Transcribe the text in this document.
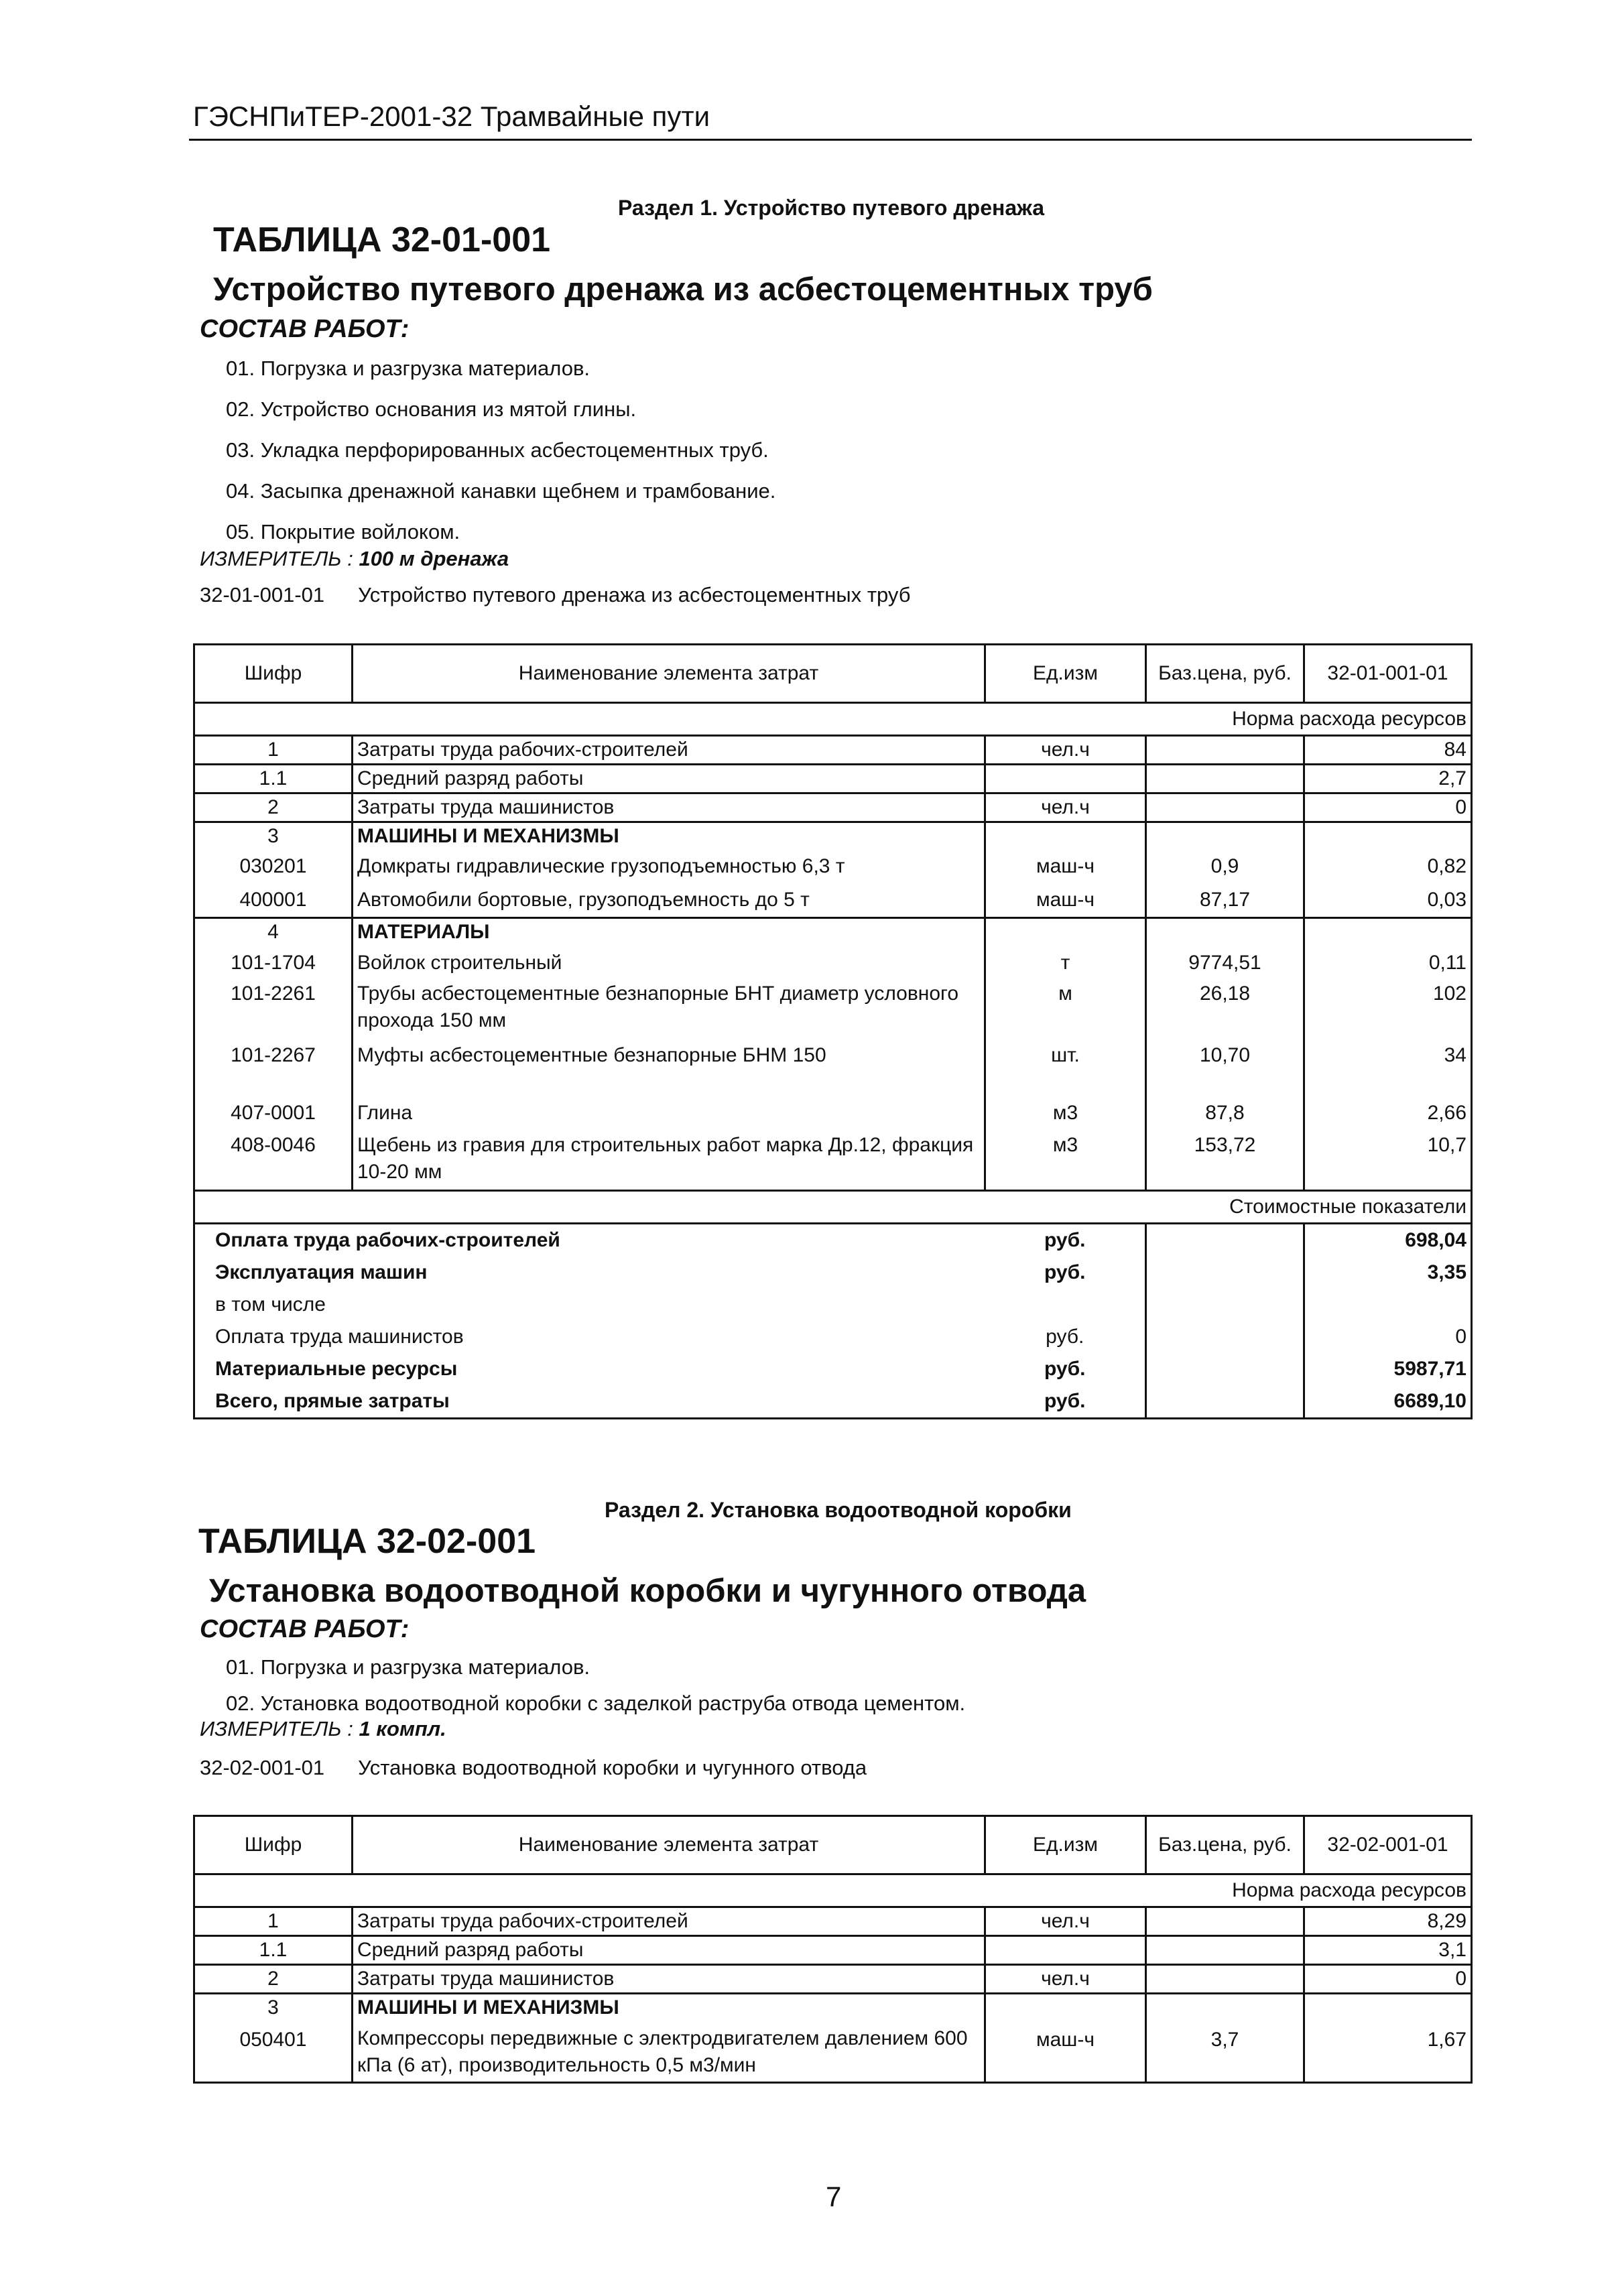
ГЭСНПиТЕР-2001-32 Трамвайные пути
Раздел 1. Устройство путевого дренажа
ТАБЛИЦА 32-01-001
Устройство путевого дренажа из асбестоцементных труб
СОСТАВ РАБОТ:
01. Погрузка и разгрузка материалов.
02. Устройство основания из мятой глины.
03. Укладка перфорированных асбестоцементных труб.
04. Засыпка дренажной канавки щебнем и трамбование.
05. Покрытие войлоком.
ИЗМЕРИТЕЛЬ : 100 м дренажа
32-01-001-01 Устройство путевого дренажа из асбестоцементных труб
Шифр	Наименование элемента затрат	Ед.изм	Баз.цена, руб.	32-01-001-01
Норма расхода ресурсов				
1	Затраты труда рабочих-строителей	чел.ч		84
1.1	Средний разряд работы			2,7
2	Затраты труда машинистов	чел.ч		0
3	МАШИНЫ И МЕХАНИЗМЫ			
030201	Домкраты гидравлические грузоподъемностью 6,3 т	маш-ч	0,9	0,82
400001	Автомобили бортовые, грузоподъемность до 5 т	маш-ч	87,17	0,03
4	МАТЕРИАЛЫ			
101-1704	Войлок строительный	т	9774,51	0,11
101-2261	Трубы асбестоцементные безнапорные БНТ диаметр условного прохода 150 мм	м	26,18	102
101-2267	Муфты асбестоцементные безнапорные БНМ 150	шт.	10,70	34
407-0001	Глина	м3	87,8	2,66
408-0046	Щебень из гравия для строительных работ марка Др.12, фракция 10-20 мм	м3	153,72	10,7
Стоимостные показатели				
Оплата труда рабочих-строителей		руб.		698,04
Эксплуатация машин		руб.		3,35
в том числе				
Оплата труда машинистов		руб.		0
Материальные ресурсы		руб.		5987,71
Всего, прямые затраты		руб.		6689,10
Раздел 2. Установка водоотводной коробки
ТАБЛИЦА 32-02-001
Установка водоотводной коробки и чугунного отвода
СОСТАВ РАБОТ:
01. Погрузка и разгрузка материалов.
02. Установка водоотводной коробки с заделкой раструба отвода цементом.
ИЗМЕРИТЕЛЬ : 1 компл.
32-02-001-01 Установка водоотводной коробки и чугунного отвода
Шифр	Наименование элемента затрат	Ед.изм	Баз.цена, руб.	32-02-001-01
Норма расхода ресурсов				
1	Затраты труда рабочих-строителей	чел.ч		8,29
1.1	Средний разряд работы			3,1
2	Затраты труда машинистов	чел.ч		0
3	МАШИНЫ И МЕХАНИЗМЫ			
050401	Компрессоры передвижные с электродвигателем давлением 600 кПа (6 ат), производительность 0,5 м3/мин	маш-ч	3,7	1,67
7
